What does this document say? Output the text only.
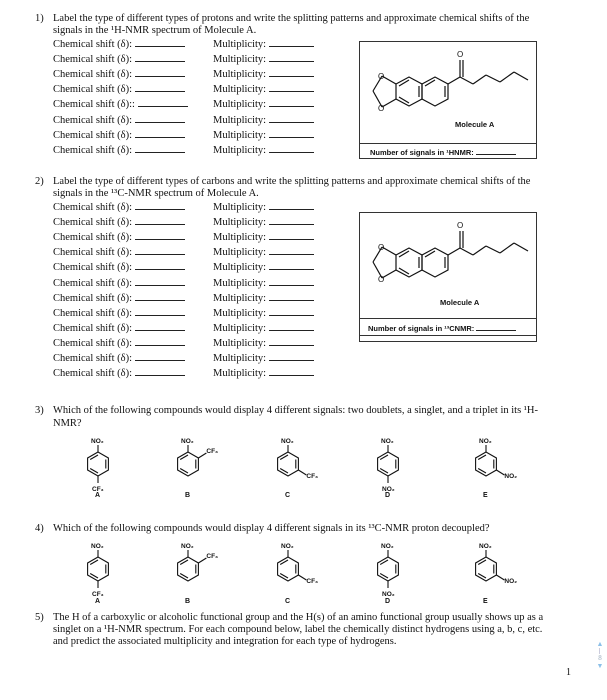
1) Label the type of different types of protons and write the splitting patterns and approximate chemical shifts of the
signals in the ¹H-NMR spectrum of Molecule A.
Chemical shift (δ):	Multiplicity:
Chemical shift (δ):	Multiplicity:
Chemical shift (δ):	Multiplicity:
Chemical shift (δ):	Multiplicity:
Chemical shift (δ)::	Multiplicity:
Chemical shift (δ):	Multiplicity:
Chemical shift (δ):	Multiplicity:
Chemical shift (δ):	Multiplicity:
O
O
O
Molecule A
Number of signals in ¹HNMR:
2) Label the type of different types of carbons and write the splitting patterns and approximate chemical shifts of the
signals in the ¹³C-NMR spectrum of Molecule A.
Chemical shift (δ):	Multiplicity:
Chemical shift (δ):	Multiplicity:
Chemical shift (δ):	Multiplicity:
Chemical shift (δ):	Multiplicity:
Chemical shift (δ):	Multiplicity:
Chemical shift (δ):	Multiplicity:
Chemical shift (δ):	Multiplicity:
Chemical shift (δ):	Multiplicity:
Chemical shift (δ):	Multiplicity:
Chemical shift (δ):	Multiplicity:
Chemical shift (δ):	Multiplicity:
Chemical shift (δ):	Multiplicity:
O
O
O
Molecule A
Number of signals in ¹³CNMR:
3) Which of the following compounds would display 4 different signals: two doublets, a singlet, and a triplet in its ¹H-
NMR?
NO₂
CF₃
A
NO₂
CF₃
B
NO₂
CF₃
C
NO₂
NO₂
D
NO₂
NO₂
E
4) Which of the following compounds would display 4 different signals in its ¹³C-NMR proton decoupled?
NO₂
CF₃
A
NO₂
CF₃
B
NO₂
CF₃
C
NO₂
NO₂
D
NO₂
NO₂
E
5) The H of a carboxylic or alcoholic functional group and the H(s) of an amino functional group usually shows up as a
singlet on a ¹H-NMR spectrum. For each compound below, label the chemically distinct hydrogens using a, b, c, etc.
and predict the associated multiplicity and integration for each type of hydrogens.
1
▲
8
▼
